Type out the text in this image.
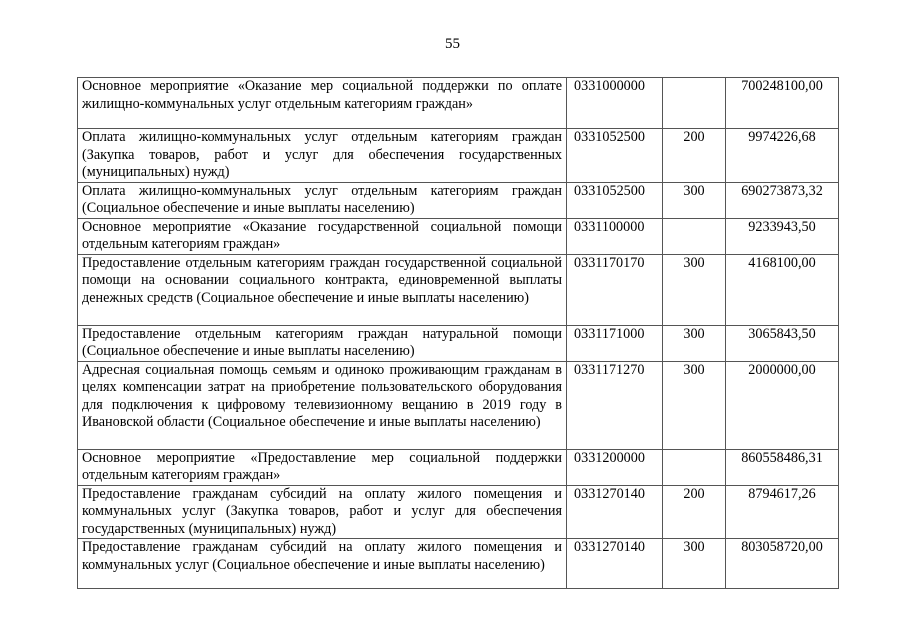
55
Основное мероприятие «Оказание мер социальной поддержки по оплате жилищно-коммунальных услуг отдельным категориям граждан»	0331000000		700248100,00
Оплата жилищно-коммунальных услуг отдельным категориям граждан (Закупка товаров, работ и услуг для обеспечения государственных (муниципальных) нужд)	0331052500	200	9974226,68
Оплата жилищно-коммунальных услуг отдельным категориям граждан (Социальное обеспечение и иные выплаты населению)	0331052500	300	690273873,32
Основное мероприятие «Оказание государственной социальной помощи отдельным категориям граждан»	0331100000		9233943,50
Предоставление отдельным категориям граждан государственной социальной помощи на основании социального контракта, единовременной выплаты денежных средств (Социальное обеспечение и иные выплаты населению)	0331170170	300	4168100,00
Предоставление отдельным категориям граждан натуральной помощи (Социальное обеспечение и иные выплаты населению)	0331171000	300	3065843,50
Адресная социальная помощь семьям и одиноко проживающим гражданам в целях компенсации затрат на приобретение пользовательского оборудования для подключения к цифровому телевизионному вещанию в 2019 году в Ивановской области (Социальное обеспечение и иные выплаты населению)	0331171270	300	2000000,00
Основное мероприятие «Предоставление мер социальной поддержки отдельным категориям граждан»	0331200000		860558486,31
Предоставление гражданам субсидий на оплату жилого помещения и коммунальных услуг (Закупка товаров, работ и услуг для обеспечения государственных (муниципальных) нужд)	0331270140	200	8794617,26
Предоставление гражданам субсидий на оплату жилого помещения и коммунальных услуг (Социальное обеспечение и иные выплаты населению)	0331270140	300	803058720,00
